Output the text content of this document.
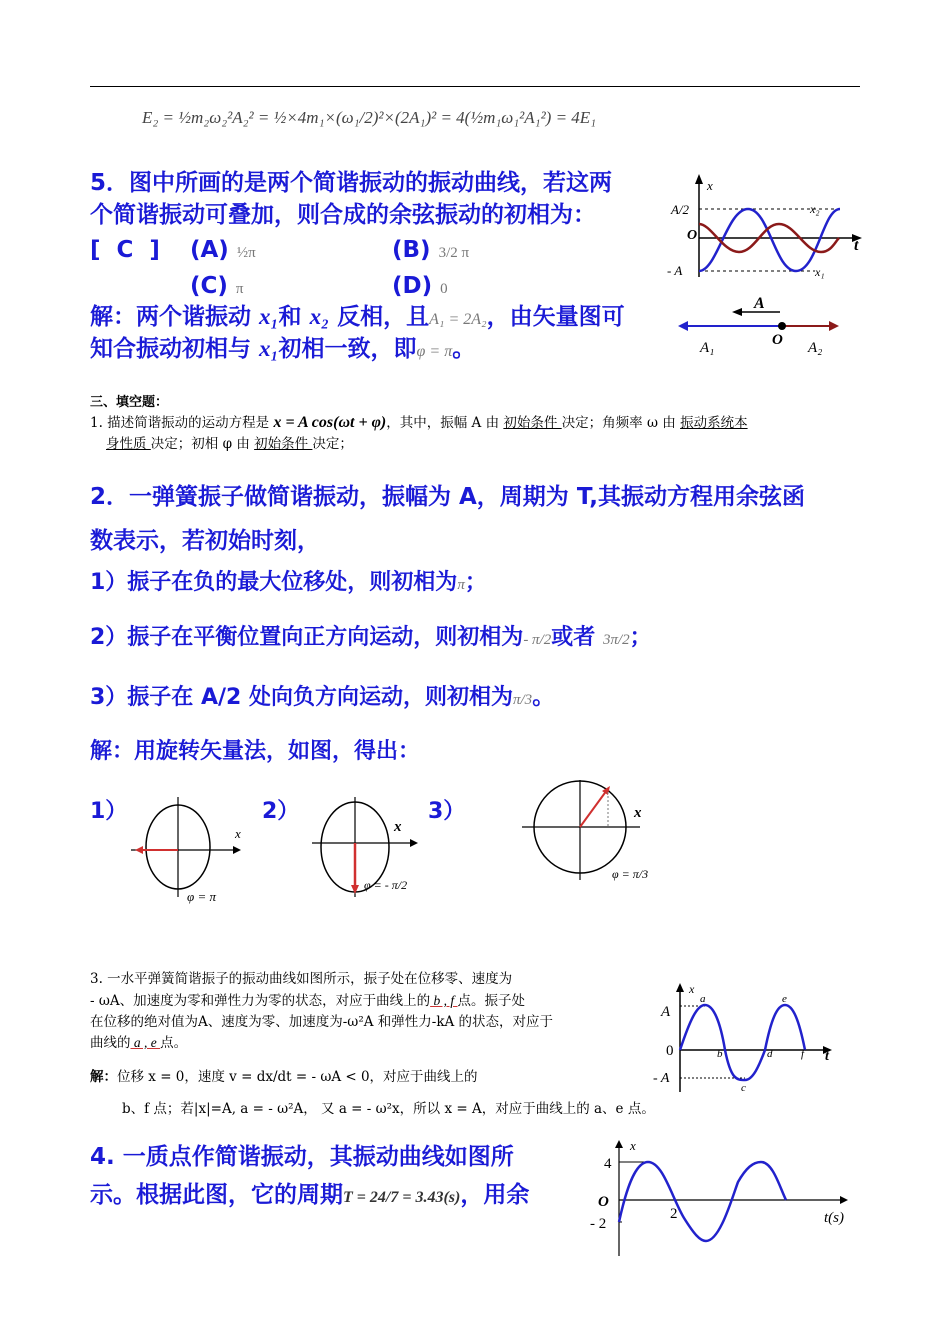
E₂ = ½m₂ω₂²A₂² = ½×4m₁×(ω₁/2)²×(2A₁)² = 4(½m₁ω₁²A₁²) = 4E₁
5．图中所画的是两个简谐振动的振动曲线，若这两
个简谐振动可叠加，则合成的余弦振动的初相为：
[  C  ] (A) ½π	(B) 3/2 π
(C) π	(D) 0
解：两个谐振动 x₁和 x₂ 反相，且A₁ = 2A₂，由矢量图可
知合振动初相与 x₁初相一致，即φ = π。
x
t
O
A/2
- A	x₁
x₂
A
A₁	O A₂
三、填空题：
1. 描述简谐振动的运动方程是 x = A cos(ωt + φ)，其中，振幅 A 由 初始条件 决定；角频率 ω 由 振动系统本
身性质 决定；初相 φ 由 初始条件 决定；
2．一弹簧振子做简谐振动，振幅为 A，周期为 T,其振动方程用余弦函
数表示，若初始时刻，
1）振子在负的最大位移处，则初相为π；
2）振子在平衡位置向正方向运动，则初相为- π/2或者 3π/2；
3）振子在 A/2 处向负方向运动，则初相为π/3。
解：用旋转矢量法，如图，得出：
1）	2）	3）
x
φ = π
x
φ = - π/2
x
φ = π/3
3. 一水平弹簧简谐振子的振动曲线如图所示，振子处在位移零、速度为
- ωA、加速度为零和弹性力为零的状态，对应于曲线上的 b , f 点。振子处
在位移的绝对值为A、速度为零、加速度为-ω²A 和弹性力-kA 的状态，对应于
曲线的 a , e 点。
解：位移 x = 0，速度 v = dx/dt = - ωA < 0，对应于曲线上的
b、f 点；若|x|=A, a = - ω²A， 又 a = - ω²x，所以 x = A，对应于曲线上的 a、e 点。
x
A
0
- A
t
a
b
c
d
e
f
4. 一质点作简谐振动，其振动曲线如图所
示。根据此图，它的周期T = 24/7 = 3.43(s)，用余
x
4
O
- 2
2	t(s)
